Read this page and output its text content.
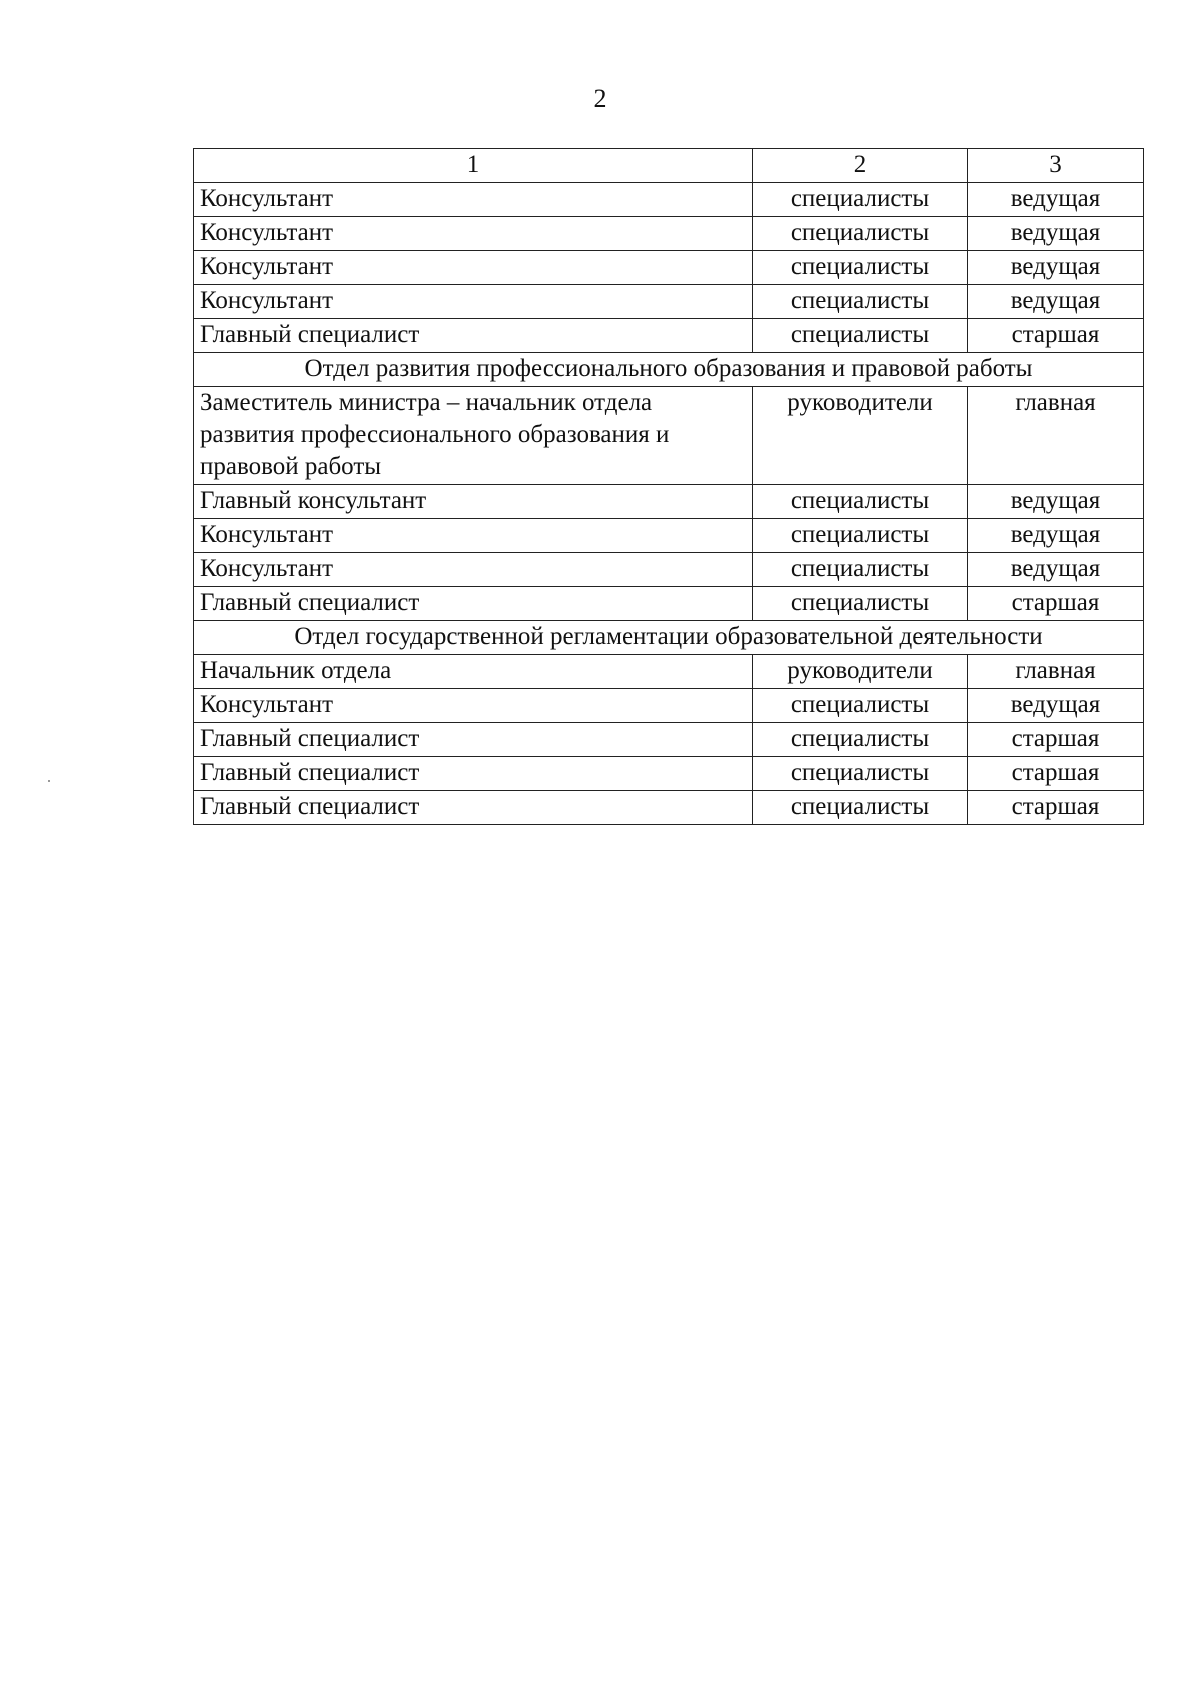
2
1	2	3
Консультант	специалисты	ведущая
Консультант	специалисты	ведущая
Консультант	специалисты	ведущая
Консультант	специалисты	ведущая
Главный специалист	специалисты	старшая
Отдел развития профессионального образования и правовой работы		
Заместитель министра – начальник отдела развития профессионального образования и правовой работы	руководители	главная
Главный консультант	специалисты	ведущая
Консультант	специалисты	ведущая
Консультант	специалисты	ведущая
Главный специалист	специалисты	старшая
Отдел государственной регламентации образовательной деятельности		
Начальник отдела	руководители	главная
Консультант	специалисты	ведущая
Главный специалист	специалисты	старшая
Главный специалист	специалисты	старшая
Главный специалист	специалисты	старшая
